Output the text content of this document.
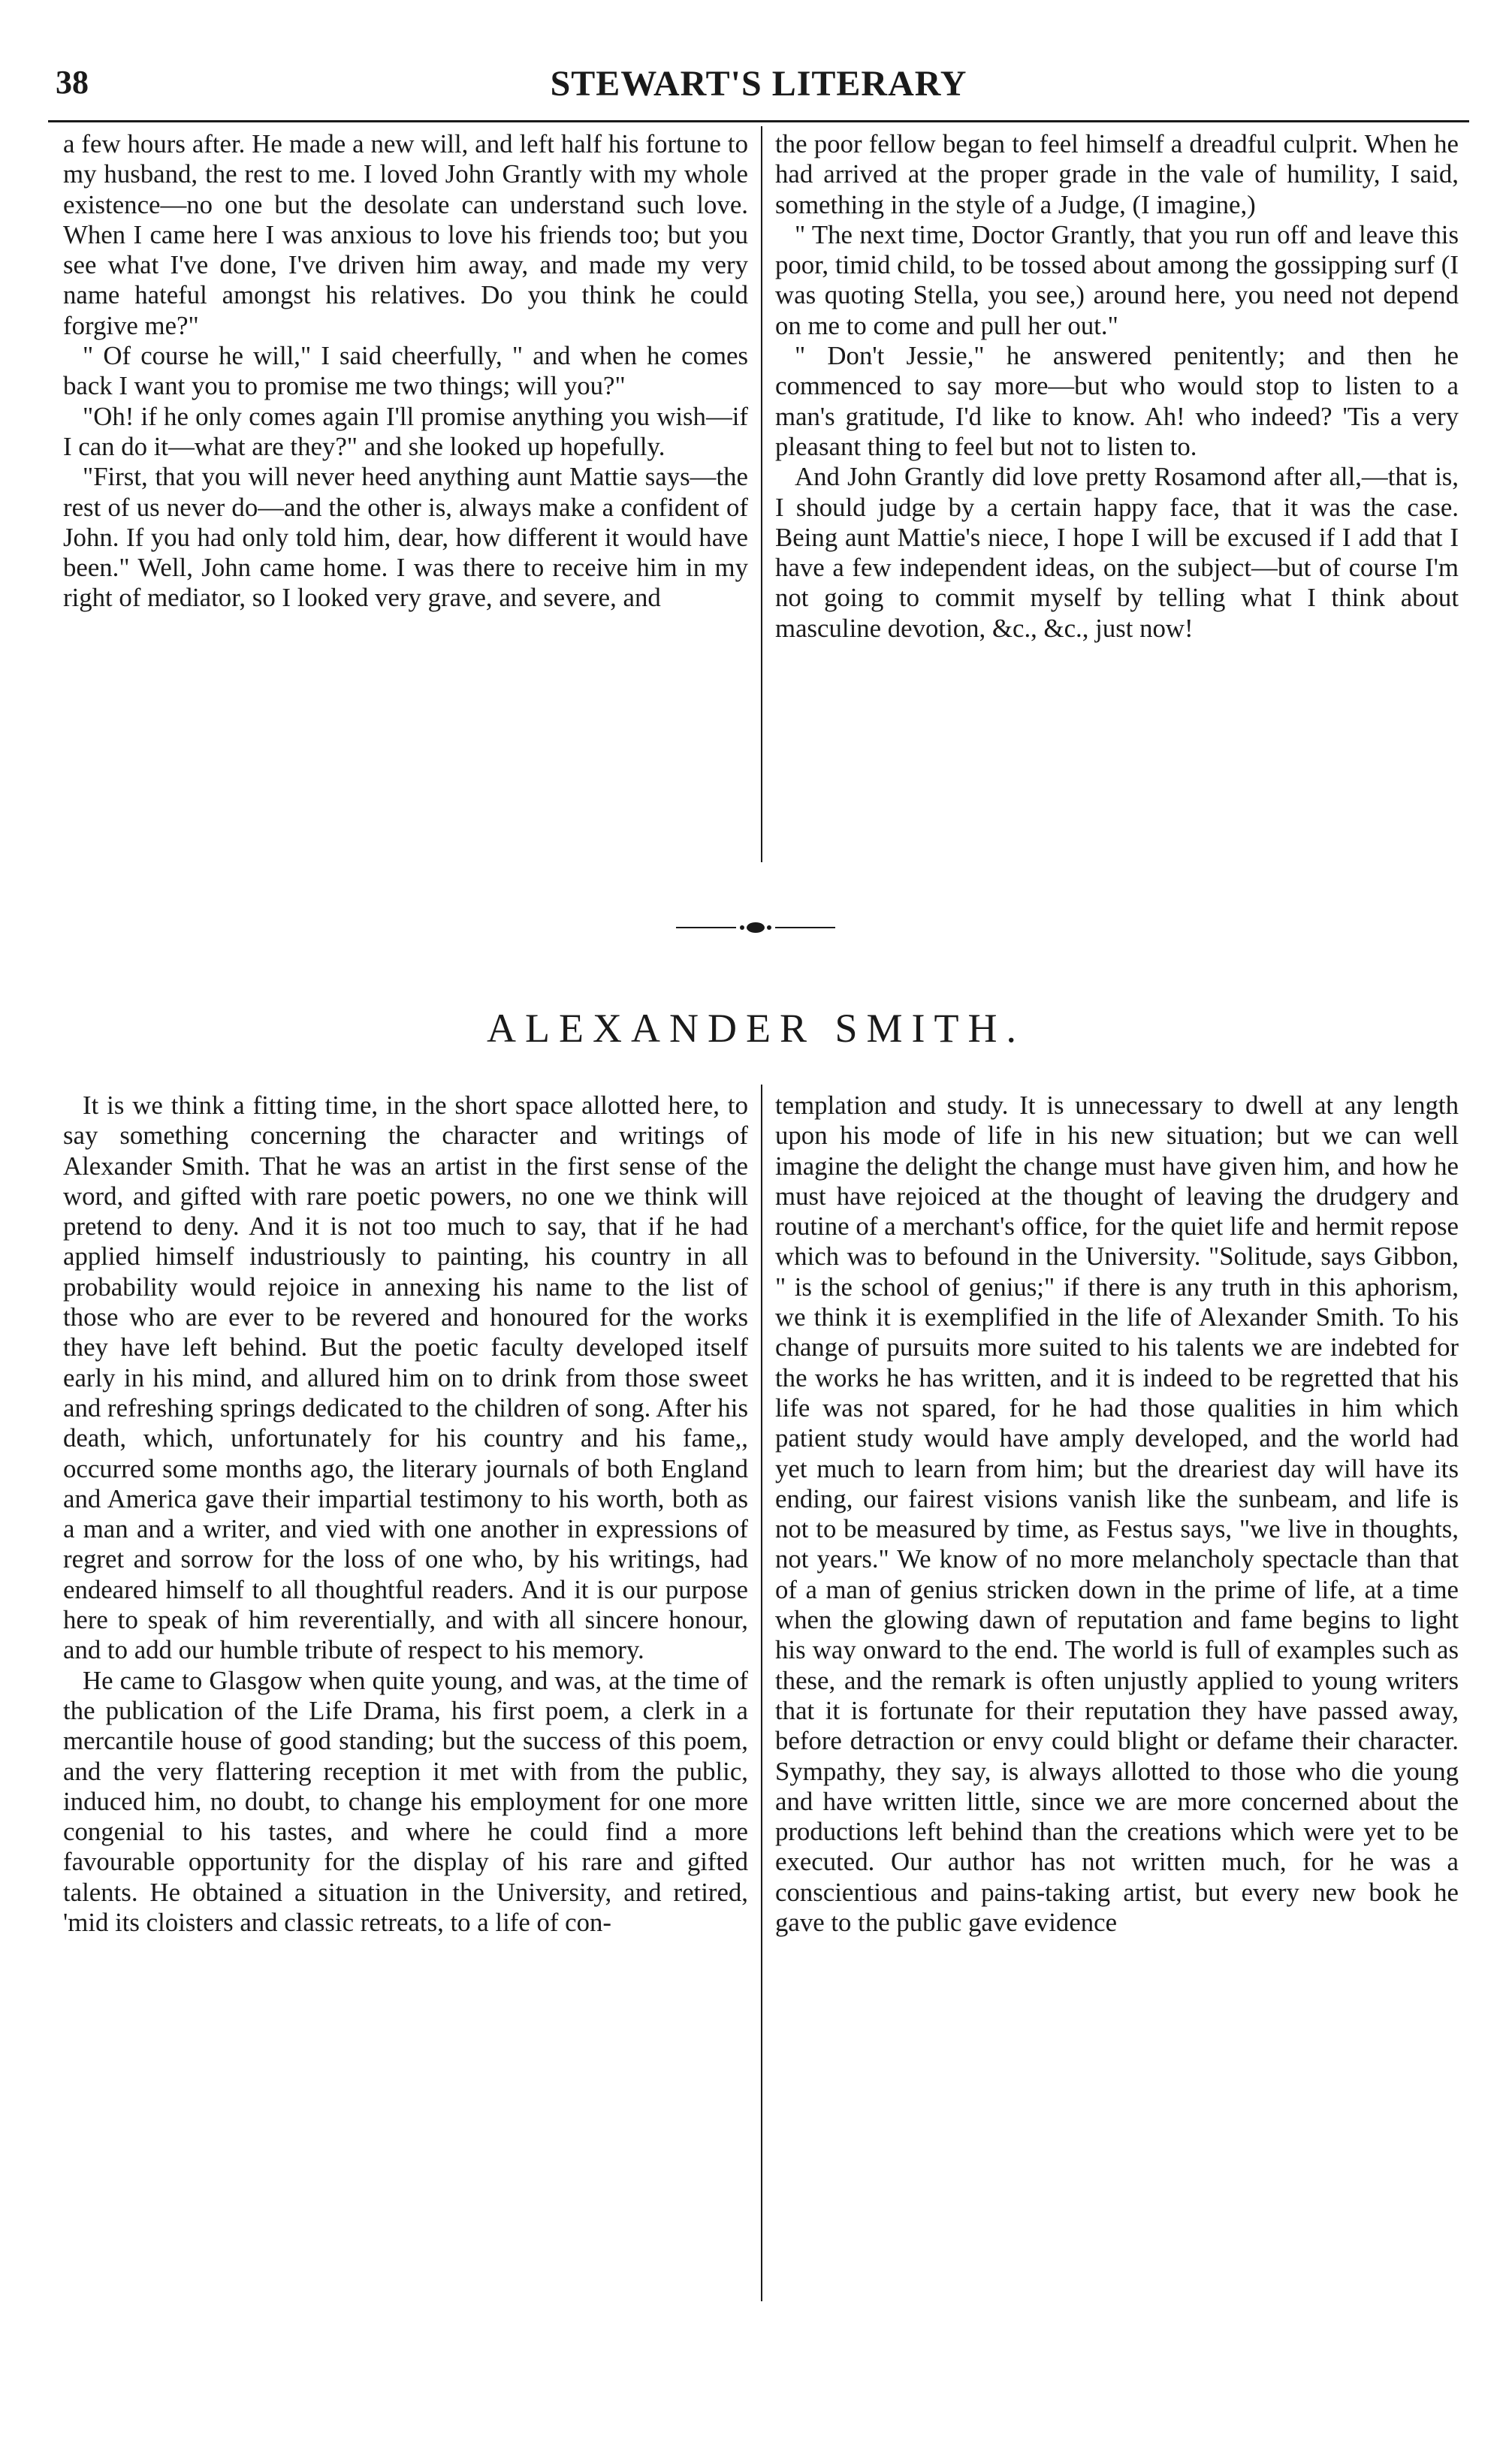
38	STEWART'S LITERARY

a few hours after. He made a new will, and left half his fortune to my husband, the rest to me. I loved John Grantly with my whole existence—no one but the desolate can understand such love. When I came here I was anxious to love his friends too; but you see what I've done, I've driven him away, and made my very name hateful amongst his relatives. Do you think he could forgive me?"

" Of course he will," I said cheerfully, " and when he comes back I want you to promise me two things; will you?"

"Oh! if he only comes again I'll promise anything you wish—if I can do it—what are they?" and she looked up hopefully.

"First, that you will never heed anything aunt Mattie says—the rest of us never do—and the other is, always make a confident of John. If you had only told him, dear, how different it would have been." Well, John came home. I was there to receive him in my right of mediator, so I looked very grave, and severe, and

the poor fellow began to feel himself a dreadful culprit. When he had arrived at the proper grade in the vale of humility, I said, something in the style of a Judge, (I imagine,)

" The next time, Doctor Grantly, that you run off and leave this poor, timid child, to be tossed about among the gossipping surf (I was quoting Stella, you see,) around here, you need not depend on me to come and pull her out."

" Don't Jessie," he answered penitently; and then he commenced to say more—but who would stop to listen to a man's gratitude, I'd like to know. Ah! who indeed? 'Tis a very pleasant thing to feel but not to listen to.

And John Grantly did love pretty Rosamond after all,—that is, I should judge by a certain happy face, that it was the case. Being aunt Mattie's niece, I hope I will be excused if I add that I have a few independent ideas, on the subject—but of course I'm not going to commit myself by telling what I think about masculine devotion, &c., &c., just now!

ALEXANDER SMITH.

It is we think a fitting time, in the short space allotted here, to say something concerning the character and writings of Alexander Smith. That he was an artist in the first sense of the word, and gifted with rare poetic powers, no one we think will pretend to deny. And it is not too much to say, that if he had applied himself industriously to painting, his country in all probability would rejoice in annexing his name to the list of those who are ever to be revered and honoured for the works they have left behind. But the poetic faculty developed itself early in his mind, and allured him on to drink from those sweet and refreshing springs dedicated to the children of song. After his death, which, unfortunately for his country and his fame,, occurred some months ago, the literary journals of both England and America gave their impartial testimony to his worth, both as a man and a writer, and vied with one another in expressions of regret and sorrow for the loss of one who, by his writings, had endeared himself to all thoughtful readers. And it is our purpose here to speak of him reverentially, and with all sincere honour, and to add our humble tribute of respect to his memory.

He came to Glasgow when quite young, and was, at the time of the publication of the Life Drama, his first poem, a clerk in a mercantile house of good standing; but the success of this poem, and the very flattering reception it met with from the public, induced him, no doubt, to change his employment for one more congenial to his tastes, and where he could find a more favourable opportunity for the display of his rare and gifted talents. He obtained a situation in the University, and retired, 'mid its cloisters and classic retreats, to a life of con-

templation and study. It is unnecessary to dwell at any length upon his mode of life in his new situation; but we can well imagine the delight the change must have given him, and how he must have rejoiced at the thought of leaving the drudgery and routine of a merchant's office, for the quiet life and hermit repose which was to befound in the University. "Solitude, says Gibbon, " is the school of genius;" if there is any truth in this aphorism, we think it is exemplified in the life of Alexander Smith. To his change of pursuits more suited to his talents we are indebted for the works he has written, and it is indeed to be regretted that his life was not spared, for he had those qualities in him which patient study would have amply developed, and the world had yet much to learn from him; but the dreariest day will have its ending, our fairest visions vanish like the sunbeam, and life is not to be measured by time, as Festus says, "we live in thoughts, not years." We know of no more melancholy spectacle than that of a man of genius stricken down in the prime of life, at a time when the glowing dawn of reputation and fame begins to light his way onward to the end. The world is full of examples such as these, and the remark is often unjustly applied to young writers that it is fortunate for their reputation they have passed away, before detraction or envy could blight or defame their character. Sympathy, they say, is always allotted to those who die young and have written little, since we are more concerned about the productions left behind than the creations which were yet to be executed. Our author has not written much, for he was a conscientious and pains-taking artist, but every new book he gave to the public gave evidence
